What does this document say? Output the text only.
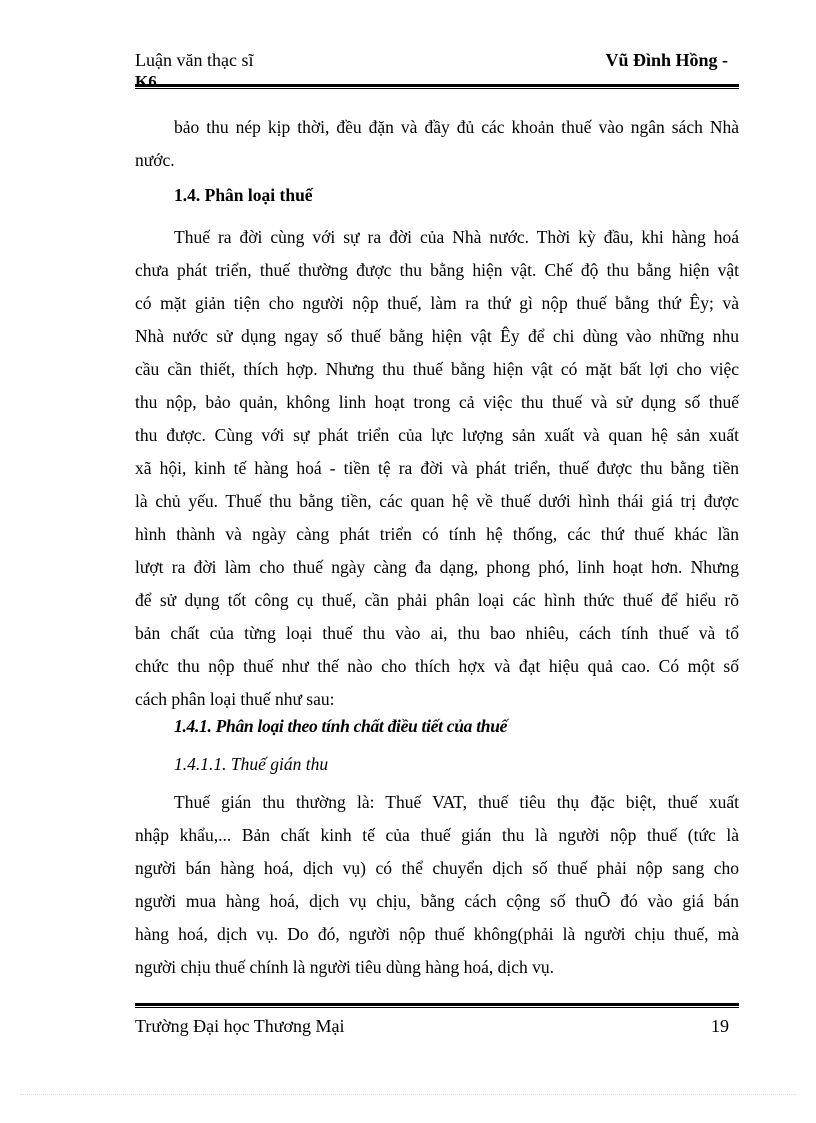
Luận văn thạc sĩ	Vũ Đình Hồng -
K6
bảo thu nép kịp thời, đều đặn và đầy đủ các khoản thuế vào ngân sách Nhà
nước.
1.4. Phân loại thuế
Thuế ra đời cùng với sự ra đời của Nhà nước. Thời kỳ đầu, khi hàng hoá
chưa phát triển, thuế thường được thu bằng hiện vật. Chế độ thu bằng hiện vật
có mặt giản tiện cho người nộp thuế, làm ra thứ gì nộp thuế bằng thứ Êy; và
Nhà nước sử dụng ngay số thuế bằng hiện vật Êy để chi dùng vào những nhu
cầu cần thiết, thích hợp. Nhưng thu thuế bằng hiện vật có mặt bất lợi cho việc
thu nộp, bảo quản, không linh hoạt trong cả việc thu thuế và sử dụng số thuế
thu được. Cùng với sự phát triển của lực lượng sản xuất và quan hệ sản xuất
xã hội, kinh tế hàng hoá - tiền tệ ra đời và phát triển, thuế được thu bằng tiền
là chủ yếu. Thuế thu bằng tiền, các quan hệ về thuế dưới hình thái giá trị được
hình thành và ngày càng phát triển có tính hệ thống, các thứ thuế khác lần
lượt ra đời làm cho thuế ngày càng đa dạng, phong phó, linh hoạt hơn. Nhưng
để sử dụng tốt công cụ thuế, cần phải phân loại các hình thức thuế để hiểu rõ
bản chất của từng loại thuế thu vào ai, thu bao nhiêu, cách tính thuế và tổ
chức thu nộp thuế như thế nào cho thích hợx và đạt hiệu quả cao. Có một số
cách phân loại thuế như sau:
1.4.1. Phân loại theo tính chất điều tiết của thuế
1.4.1.1. Thuế gián thu
Thuế gián thu thường là: Thuế VAT, thuế tiêu thụ đặc biệt, thuế xuất
nhập khẩu,... Bản chất kinh tế của thuế gián thu là người nộp thuế (tức là
người bán hàng hoá, dịch vụ) có thể chuyển dịch số thuế phải nộp sang cho
người mua hàng hoá, dịch vụ chịu, bằng cách cộng số thuÕ đó vào giá bán
hàng hoá, dịch vụ. Do đó, người nộp thuế không(phải là người chịu thuế, mà
người chịu thuế chính là người tiêu dùng hàng hoá, dịch vụ.
Trường Đại học Thương Mại	19
